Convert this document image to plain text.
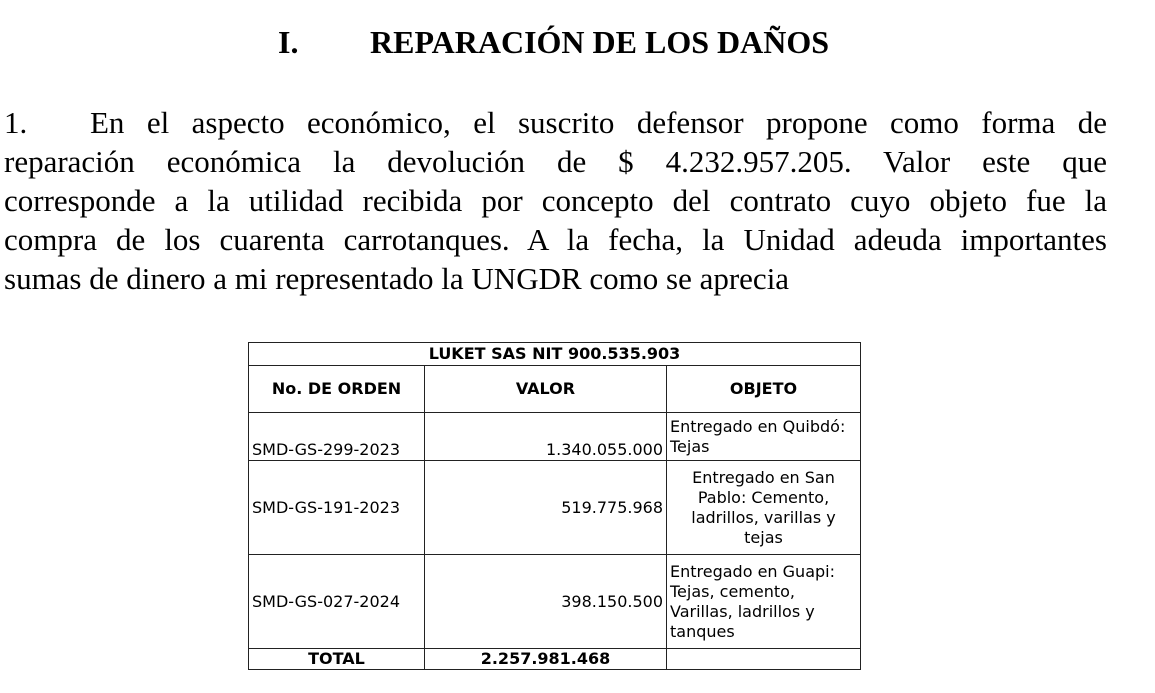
I. REPARACIÓN DE LOS DAÑOS
1. En el aspecto económico, el suscrito defensor propone como forma de
reparación económica la devolución de $ 4.232.957.205. Valor este que
corresponde a la utilidad recibida por concepto del contrato cuyo objeto fue la
compra de los cuarenta carrotanques. A la fecha, la Unidad adeuda importantes
sumas de dinero a mi representado la UNGDR como se aprecia
LUKET SAS NIT 900.535.903		
No. DE ORDEN	VALOR	OBJETO
SMD-GS-299-2023	1.340.055.000	Entregado en Quibdó: Tejas
SMD-GS-191-2023	519.775.968	Entregado en San Pablo: Cemento, ladrillos, varillas y tejas
SMD-GS-027-2024	398.150.500	Entregado en Guapi: Tejas, cemento, Varillas, ladrillos y tanques
TOTAL	2.257.981.468	
